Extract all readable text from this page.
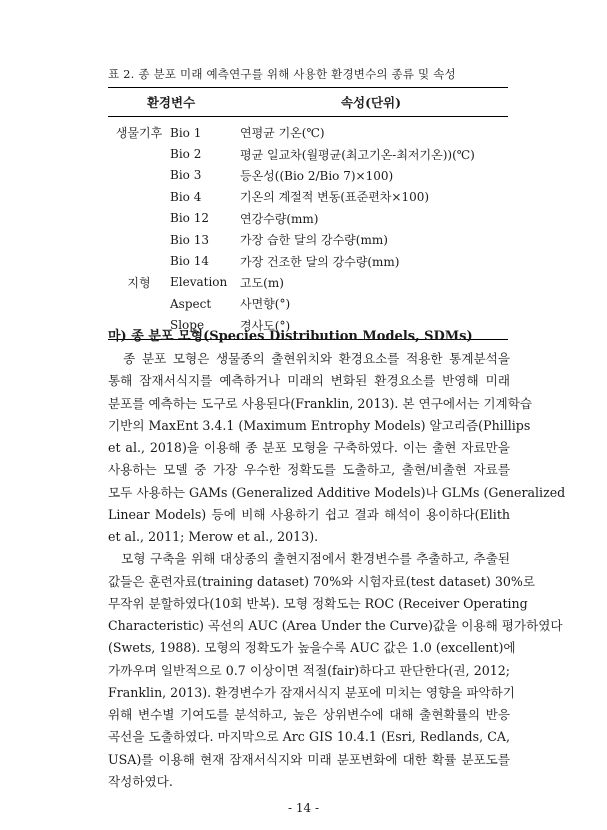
표 2. 종 분포 미래 예측연구를 위해 사용한 환경변수의 종류 및 속성
환경변수	속성(단위)
생물기후 Bio 1	연평균 기온(℃)
Bio 2	평균 일교차(월평균(최고기온-최저기온))(℃)
Bio 3	등온성((Bio 2/Bio 7)×100)
Bio 4	기온의 계절적 변동(표준편차×100)
Bio 12	연강수량(mm)
Bio 13	가장 습한 달의 강수량(mm)
Bio 14	가장 건조한 달의 강수량(mm)
지형	Elevation	고도(m)
Aspect	사면향(°)
Slope	경사도(°)
마) 종 분포 모형(Species Distribution Models, SDMs)
　종 분포 모형은 생물종의 출현위치와 환경요소를 적용한 통계분석을
통해 잠재서식지를 예측하거나 미래의 변화된 환경요소를 반영해 미래
분포를 예측하는 도구로 사용된다(Franklin, 2013). 본 연구에서는 기계학습
기반의 MaxEnt 3.4.1 (Maximum Entrophy Models) 알고리즘(Phillips
et al., 2018)을 이용해 종 분포 모형을 구축하였다. 이는 출현 자료만을
사용하는 모델 중 가장 우수한 정확도를 도출하고, 출현/비출현 자료를
모두 사용하는 GAMs (Generalized Additive Models)나 GLMs (Generalized
Linear Models) 등에 비해 사용하기 쉽고 결과 해석이 용이하다(Elith
et al., 2011; Merow et al., 2013).
　모형 구축을 위해 대상종의 출현지점에서 환경변수를 추출하고, 추출된
값들은 훈련자료(training dataset) 70%와 시험자료(test dataset) 30%로
무작위 분할하였다(10회 반복). 모형 정확도는 ROC (Receiver Operating
Characteristic) 곡선의 AUC (Area Under the Curve)값을 이용해 평가하였다
(Swets, 1988). 모형의 정확도가 높을수록 AUC 값은 1.0 (excellent)에
가까우며 일반적으로 0.7 이상이면 적절(fair)하다고 판단한다(권, 2012;
Franklin, 2013). 환경변수가 잠재서식지 분포에 미치는 영향을 파악하기
위해 변수별 기여도를 분석하고, 높은 상위변수에 대해 출현확률의 반응
곡선을 도출하였다. 마지막으로 Arc GIS 10.4.1 (Esri, Redlands, CA,
USA)를 이용해 현재 잠재서식지와 미래 분포변화에 대한 확률 분포도를
작성하였다.
- 14 -
